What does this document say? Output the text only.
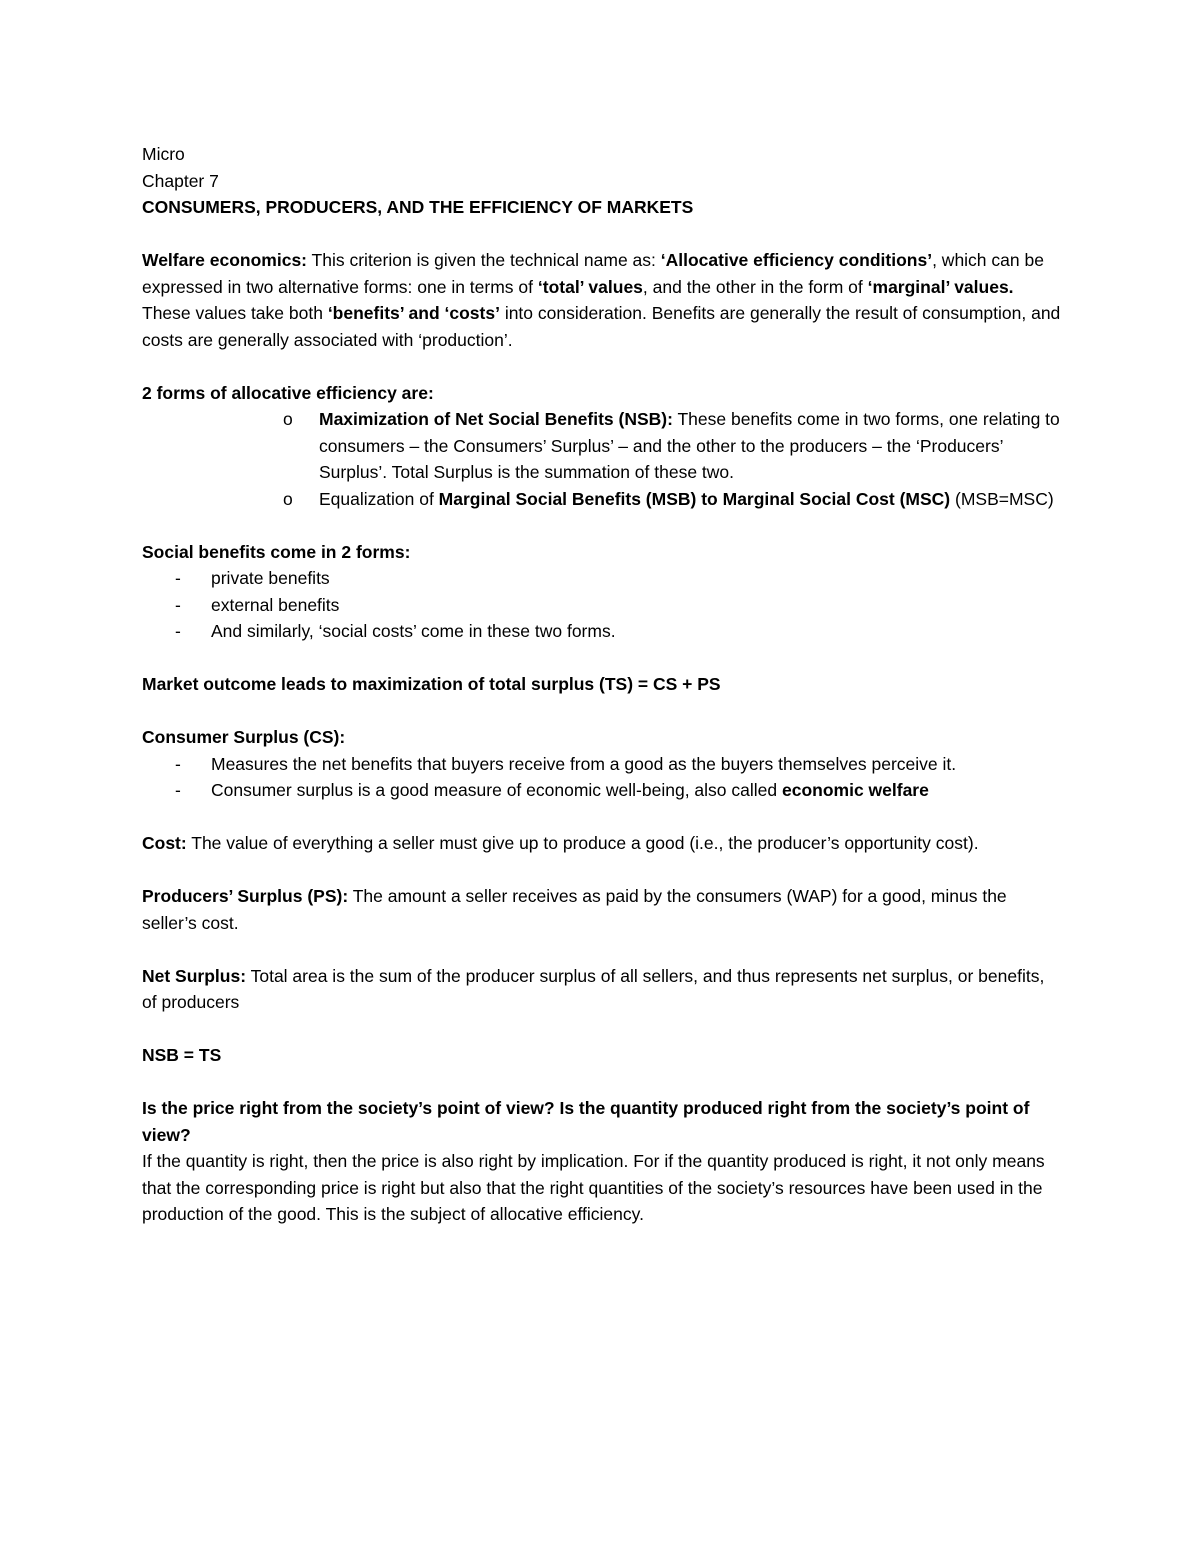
Micro

Chapter 7

CONSUMERS, PRODUCERS, AND THE EFFICIENCY OF MARKETS

Welfare economics: This criterion is given the technical name as: ‘Allocative efficiency conditions’, which can be expressed in two alternative forms: one in terms of ‘total’ values, and the other in the form of ‘marginal’ values. These values take both ‘benefits’ and ‘costs’ into consideration. Benefits are generally the result of consumption, and costs are generally associated with ‘production’.

2 forms of allocative efficiency are:

o Maximization of Net Social Benefits (NSB): These benefits come in two forms, one relating to consumers – the Consumers’ Surplus’ – and the other to the producers – the ‘Producers’ Surplus’. Total Surplus is the summation of these two.
o Equalization of Marginal Social Benefits (MSB) to Marginal Social Cost (MSC) (MSB=MSC)

Social benefits come in 2 forms:

- private benefits
- external benefits
- And similarly, ‘social costs’ come in these two forms.

Market outcome leads to maximization of total surplus (TS) = CS + PS

Consumer Surplus (CS):

- Measures the net benefits that buyers receive from a good as the buyers themselves perceive it.
- Consumer surplus is a good measure of economic well-being, also called economic welfare

Cost: The value of everything a seller must give up to produce a good (i.e., the producer’s opportunity cost).

Producers’ Surplus (PS): The amount a seller receives as paid by the consumers (WAP) for a good, minus the seller’s cost.

Net Surplus: Total area is the sum of the producer surplus of all sellers, and thus represents net surplus, or benefits, of producers

NSB = TS

Is the price right from the society’s point of view? Is the quantity produced right from the society’s point of view?

If the quantity is right, then the price is also right by implication. For if the quantity produced is right, it not only means that the corresponding price is right but also that the right quantities of the society’s resources have been used in the production of the good. This is the subject of allocative efficiency.
